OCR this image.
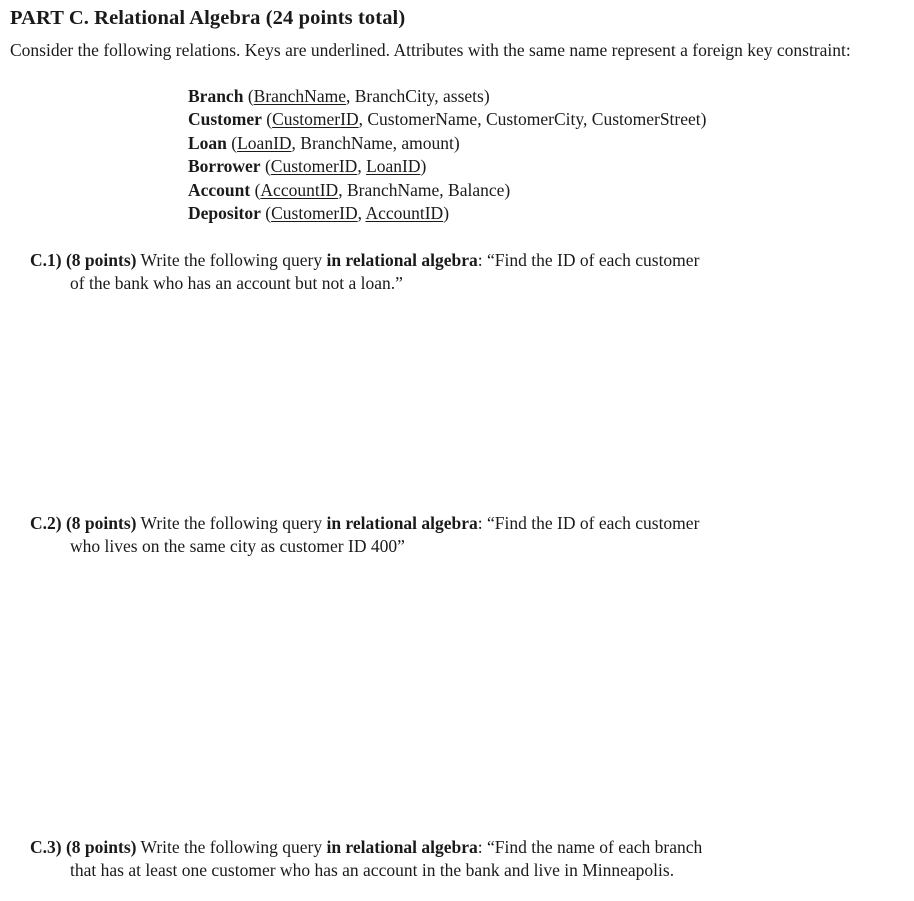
PART C. Relational Algebra (24 points total)
Consider the following relations. Keys are underlined. Attributes with the same name represent a foreign key constraint:
Branch (BranchName, BranchCity, assets)
Customer (CustomerID, CustomerName, CustomerCity, CustomerStreet)
Loan (LoanID, BranchName, amount)
Borrower (CustomerID, LoanID)
Account (AccountID, BranchName, Balance)
Depositor (CustomerID, AccountID)
C.1) (8 points) Write the following query in relational algebra: “Find the ID of each customer
of the bank who has an account but not a loan.”
C.2) (8 points) Write the following query in relational algebra: “Find the ID of each customer
who lives on the same city as customer ID 400”
C.3) (8 points) Write the following query in relational algebra: “Find the name of each branch
that has at least one customer who has an account in the bank and live in Minneapolis.
